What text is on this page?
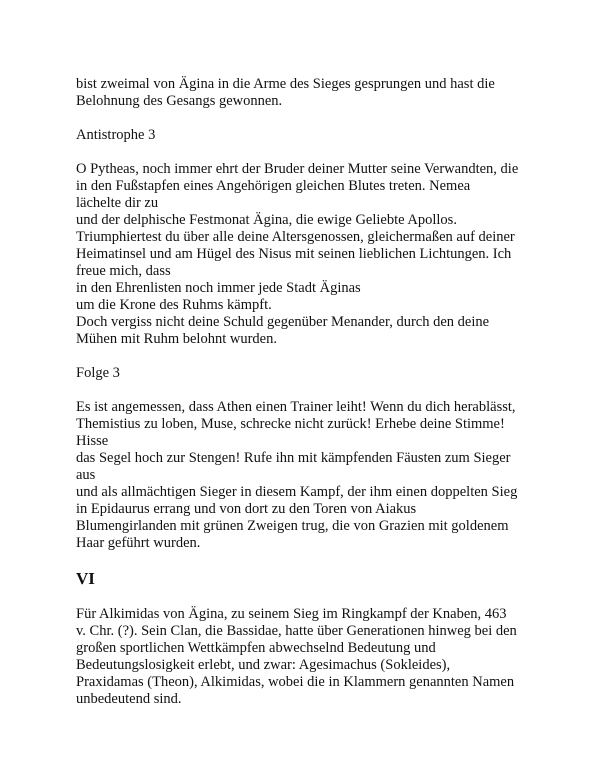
bist zweimal von Ägina in die Arme des Sieges gesprungen und hast die
Belohnung des Gesangs gewonnen.
Antistrophe 3
O Pytheas, noch immer ehrt der Bruder deiner Mutter seine Verwandten, die
in den Fußstapfen eines Angehörigen gleichen Blutes treten. Nemea
lächelte dir zu
und der delphische Festmonat Ägina, die ewige Geliebte Apollos.
Triumphiertest du über alle deine Altersgenossen, gleichermaßen auf deiner
Heimatinsel und am Hügel des Nisus mit seinen lieblichen Lichtungen. Ich
freue mich, dass
in den Ehrenlisten noch immer jede Stadt Äginas
um die Krone des Ruhms kämpft.
Doch vergiss nicht deine Schuld gegenüber Menander, durch den deine
Mühen mit Ruhm belohnt wurden.
Folge 3
Es ist angemessen, dass Athen einen Trainer leiht! Wenn du dich herablässt,
Themistius zu loben, Muse, schrecke nicht zurück! Erhebe deine Stimme!
Hisse
das Segel hoch zur Stengen! Rufe ihn mit kämpfenden Fäusten zum Sieger
aus
und als allmächtigen Sieger in diesem Kampf, der ihm einen doppelten Sieg
in Epidaurus errang und von dort zu den Toren von Aiakus
Blumengirlanden mit grünen Zweigen trug, die von Grazien mit goldenem
Haar geführt wurden.
VI
Für Alkimidas von Ägina, zu seinem Sieg im Ringkampf der Knaben, 463
v. Chr. (?). Sein Clan, die Bassidae, hatte über Generationen hinweg bei den
großen sportlichen Wettkämpfen abwechselnd Bedeutung und
Bedeutungslosigkeit erlebt, und zwar: Agesimachus (Sokleides),
Praxidamas (Theon), Alkimidas, wobei die in Klammern genannten Namen
unbedeutend sind.
